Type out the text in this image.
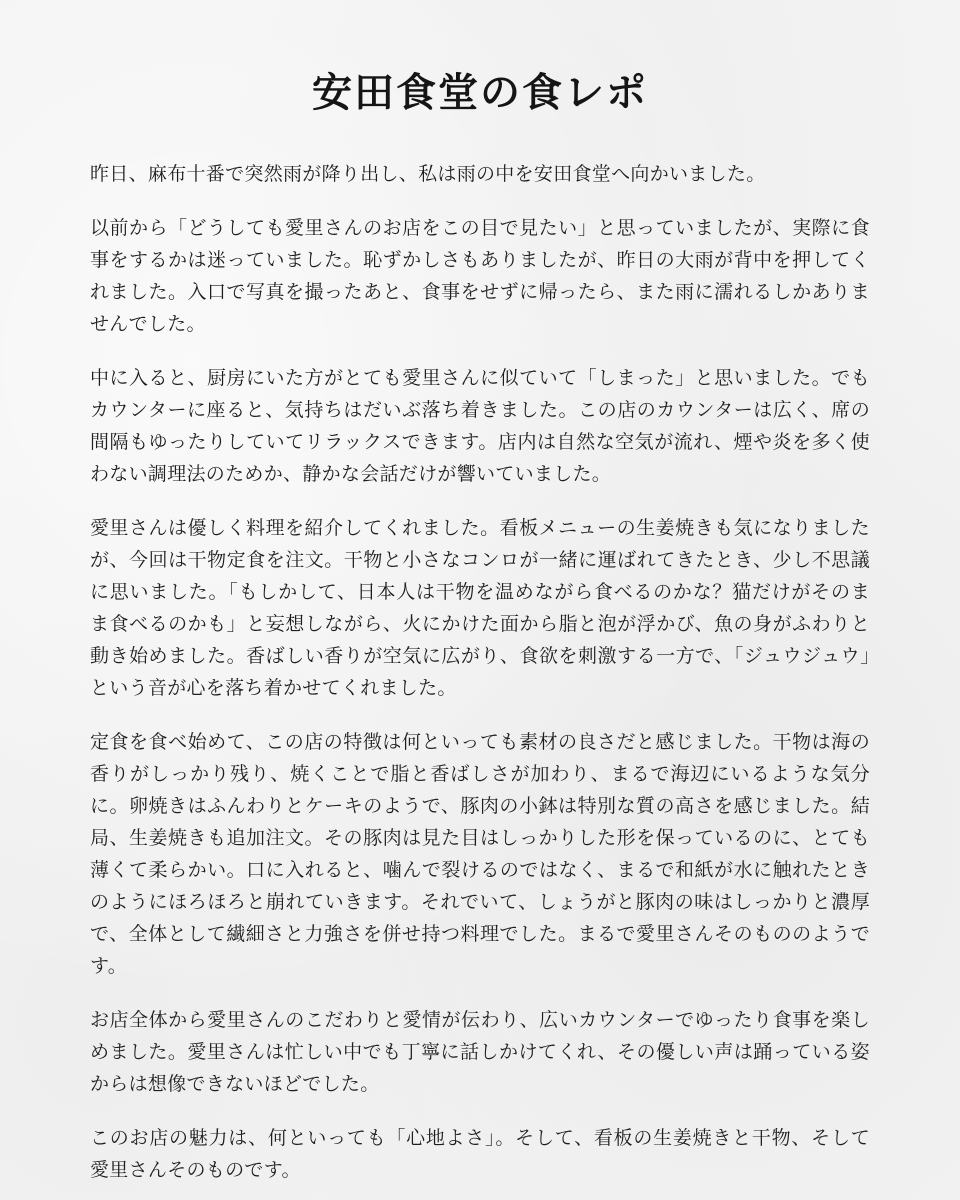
安田食堂の食レポ

昨日、麻布十番で突然雨が降り出し、私は雨の中を安田食堂へ向かいました。

以前から「どうしても愛里さんのお店をこの目で見たい」と思っていましたが、実際に食事をするかは迷っていました。恥ずかしさもありましたが、昨日の大雨が背中を押してくれました。入口で写真を撮ったあと、食事をせずに帰ったら、また雨に濡れるしかありませんでした。

中に入ると、厨房にいた方がとても愛里さんに似ていて「しまった」と思いました。でもカウンターに座ると、気持ちはだいぶ落ち着きました。この店のカウンターは広く、席の間隔もゆったりしていてリラックスできます。店内は自然な空気が流れ、煙や炎を多く使わない調理法のためか、静かな会話だけが響いていました。

愛里さんは優しく料理を紹介してくれました。看板メニューの生姜焼きも気になりましたが、今回は干物定食を注文。干物と小さなコンロが一緒に運ばれてきたとき、少し不思議に思いました。「もしかして、日本人は干物を温めながら食べるのかな？猫だけがそのまま食べるのかも」と妄想しながら、火にかけた面から脂と泡が浮かび、魚の身がふわりと動き始めました。香ばしい香りが空気に広がり、食欲を刺激する一方で、「ジュウジュウ」という音が心を落ち着かせてくれました。

定食を食べ始めて、この店の特徴は何といっても素材の良さだと感じました。干物は海の香りがしっかり残り、焼くことで脂と香ばしさが加わり、まるで海辺にいるような気分に。卵焼きはふんわりとケーキのようで、豚肉の小鉢は特別な質の高さを感じました。結局、生姜焼きも追加注文。その豚肉は見た目はしっかりした形を保っているのに、とても薄くて柔らかい。口に入れると、噛んで裂けるのではなく、まるで和紙が水に触れたときのようにほろほろと崩れていきます。それでいて、しょうがと豚肉の味はしっかりと濃厚で、全体として繊細さと力強さを併せ持つ料理でした。まるで愛里さんそのもののようです。

お店全体から愛里さんのこだわりと愛情が伝わり、広いカウンターでゆったり食事を楽しめました。愛里さんは忙しい中でも丁寧に話しかけてくれ、その優しい声は踊っている姿からは想像できないほどでした。

このお店の魅力は、何といっても「心地よさ」。そして、看板の生姜焼きと干物、そして愛里さんそのものです。
